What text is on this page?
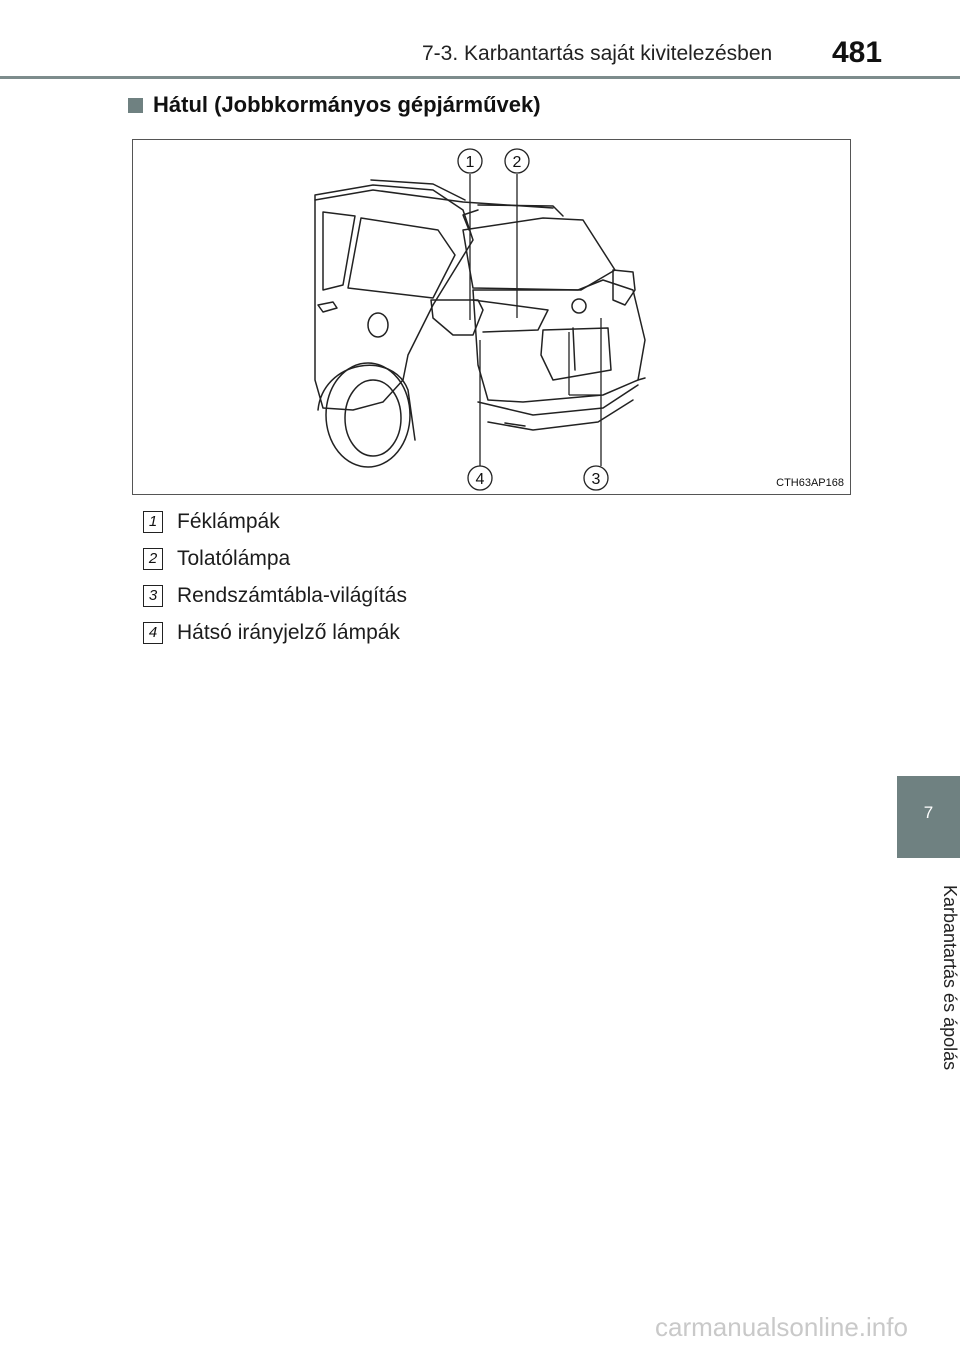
7-3. Karbantartás saját kivitelezésben 481
Hátul (Jobbkormányos gépjárművek)
1 2
3
4	CTH63AP168
1 Féklámpák
2 Tolatólámpa
3 Rendszámtábla-világítás
4 Hátsó irányjelző lámpák
7
Karbantartás és ápolás
carmanualsonline.info
